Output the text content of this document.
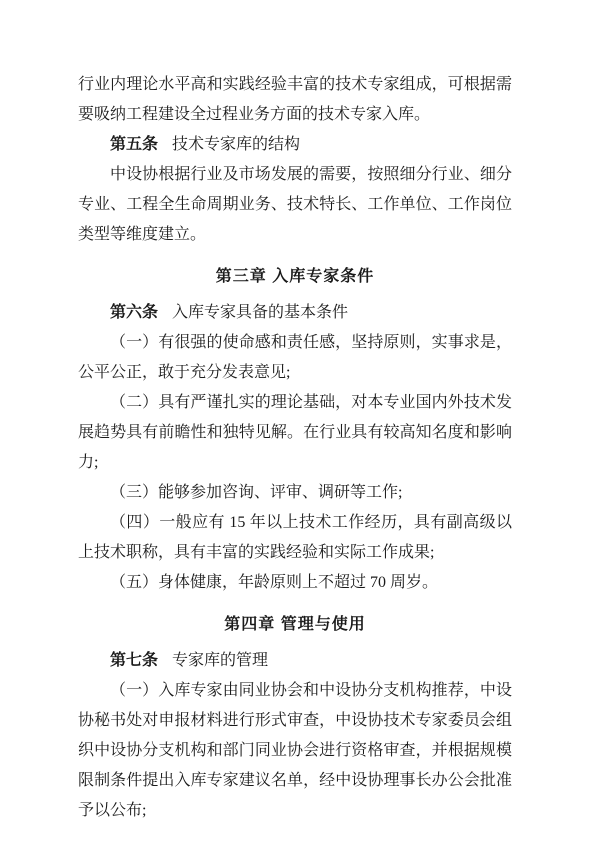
行业内理论水平高和实践经验丰富的技术专家组成，可根据需要吸纳工程建设全过程业务方面的技术专家入库。

第五条 技术专家库的结构

中设协根据行业及市场发展的需要，按照细分行业、细分专业、工程全生命周期业务、技术特长、工作单位、工作岗位类型等维度建立。

第三章 入库专家条件

第六条 入库专家具备的基本条件

（一）有很强的使命感和责任感，坚持原则，实事求是，公平公正，敢于充分发表意见;

（二）具有严谨扎实的理论基础，对本专业国内外技术发展趋势具有前瞻性和独特见解。在行业具有较高知名度和影响力;

（三）能够参加咨询、评审、调研等工作;

（四）一般应有 15 年以上技术工作经历，具有副高级以上技术职称，具有丰富的实践经验和实际工作成果;

（五）身体健康，年龄原则上不超过 70 周岁。

第四章 管理与使用

第七条 专家库的管理

（一）入库专家由同业协会和中设协分支机构推荐，中设协秘书处对申报材料进行形式审查，中设协技术专家委员会组织中设协分支机构和部门同业协会进行资格审查，并根据规模限制条件提出入库专家建议名单，经中设协理事长办公会批准予以公布;
